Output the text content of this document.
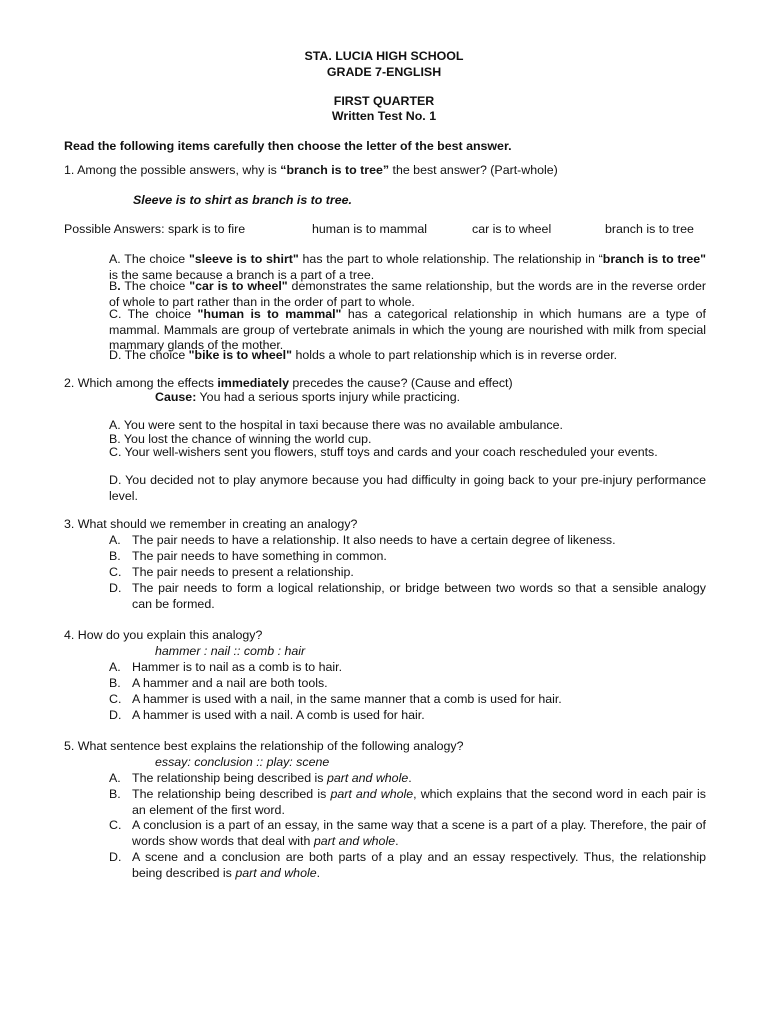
STA. LUCIA HIGH SCHOOL
GRADE 7-ENGLISH
FIRST QUARTER
Written Test No. 1
Read the following items carefully then choose the letter of the best answer.
1. Among the possible answers, why is “branch is to tree” the best answer? (Part-whole)
Sleeve is to shirt as branch is to tree.
Possible Answers: spark is to fire	human is to mammal	car is to wheel	branch is to tree
A. The choice "sleeve is to shirt" has the part to whole relationship. The relationship in “branch is to tree" is the same because a branch is a part of a tree.
B. The choice "car is to wheel" demonstrates the same relationship, but the words are in the reverse order of whole to part rather than in the order of part to whole.
C. The choice "human is to mammal" has a categorical relationship in which humans are a type of mammal. Mammals are group of vertebrate animals in which the young are nourished with milk from special mammary glands of the mother.
D. The choice "bike is to wheel" holds a whole to part relationship which is in reverse order.
2. Which among the effects immediately precedes the cause? (Cause and effect)
Cause: You had a serious sports injury while practicing.
A. You were sent to the hospital in taxi because there was no available ambulance.
B. You lost the chance of winning the world cup.
C. Your well-wishers sent you flowers, stuff toys and cards and your coach rescheduled your events.
D. You decided not to play anymore because you had difficulty in going back to your pre-injury performance level.
3. What should we remember in creating an analogy?
A. The pair needs to have a relationship. It also needs to have a certain degree of likeness.
B. The pair needs to have something in common.
C. The pair needs to present a relationship.
D. The pair needs to form a logical relationship, or bridge between two words so that a sensible analogy can be formed.
4. How do you explain this analogy?
hammer : nail :: comb : hair
A. Hammer is to nail as a comb is to hair.
B. A hammer and a nail are both tools.
C. A hammer is used with a nail, in the same manner that a comb is used for hair.
D. A hammer is used with a nail. A comb is used for hair.
5. What sentence best explains the relationship of the following analogy?
essay: conclusion :: play: scene
A. The relationship being described is part and whole.
B. The relationship being described is part and whole, which explains that the second word in each pair is an element of the first word.
C. A conclusion is a part of an essay, in the same way that a scene is a part of a play. Therefore, the pair of words show words that deal with part and whole.
D. A scene and a conclusion are both parts of a play and an essay respectively. Thus, the relationship being described is part and whole.
